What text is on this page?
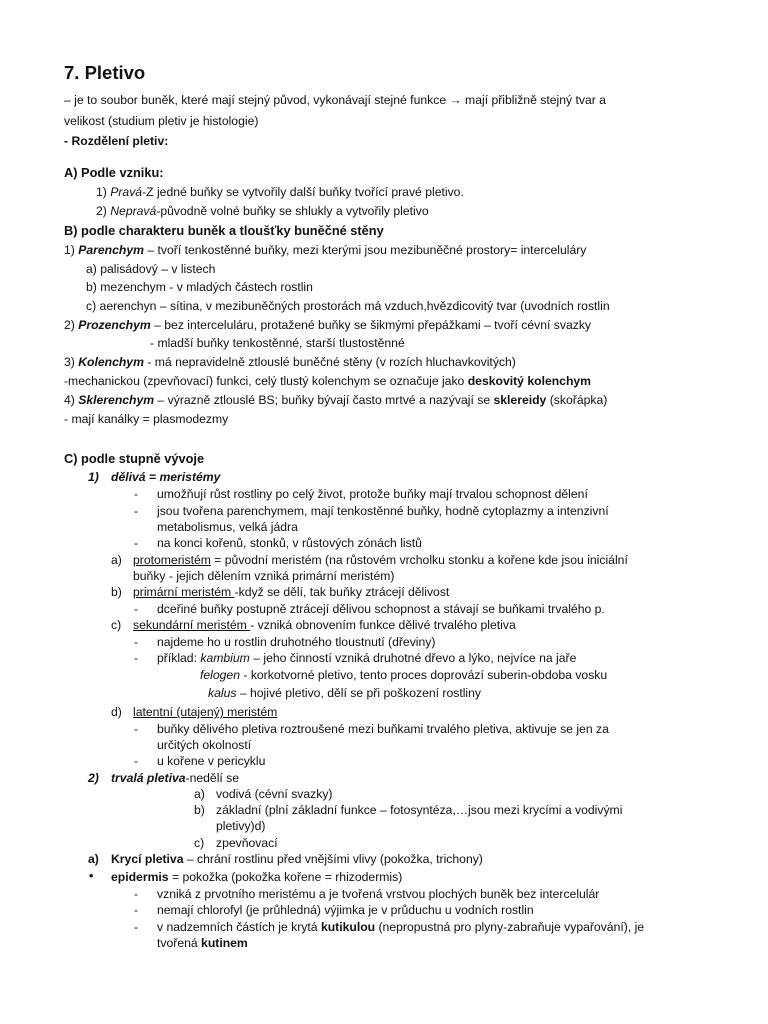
7. Pletivo
– je to soubor buněk, které mají stejný původ, vykonávají stejné funkce → mají přibližně stejný tvar a
velikost (studium pletiv je histologie)
- Rozdělení pletiv:
A) Podle vzniku:
1) Pravá-Z jedné buňky se vytvořily další buňky tvořící pravé pletivo.
2) Nepravá-původně volné buňky se shlukly a vytvořily pletivo
B) podle charakteru buněk a tloušťky buněčné stěny
1) Parenchym – tvoří tenkostěnné buňky, mezi kterými jsou mezibuněčné prostory= interceluláry
a) palisádový – v listech
b) mezenchym - v mladých částech rostlin
c) aerenchyn – sítina, v mezibuněčných prostorách má vzduch,hvězdicovitý tvar (uvodních rostlin
2) Prozenchym – bez interceluláru, protažené buňky se šikmými přepážkami – tvoří cévní svazky
- mladší buňky tenkostěnné, starší tlustostěnné
3) Kolenchym - má nepravidelně ztlouslé buněčné stěny (v rozích hluchavkovitých)
-mechanickou (zpevňovací) funkci, celý tlustý kolenchym se označuje jako deskovitý kolenchym
4) Sklerenchym – výrazně ztlouslé BS; buňky bývají často mrtvé a nazývají se sklereidy (skořápka)
- mají kanálky = plasmodezmy
C) podle stupně vývoje
1) dělivá = meristémy
- umožňují růst rostliny po celý život, protože buňky mají trvalou schopnost dělení
- jsou tvořena parenchymem, mají tenkostěnné buňky, hodně cytoplazmy a intenzivní
metabolismus, velká jádra
- na konci kořenů, stonků, v růstových zónách listů
a) protomeristém = původní meristém (na růstovém vrcholku stonku a kořene kde jsou iniciální
buňky - jejich dělením vzniká primární meristém)
b) primární meristém -když se dělí, tak buňky ztrácejí dělivost
- dceřiné buňky postupně ztrácejí dělivou schopnost a stávají se buňkami trvalého p.
c) sekundární meristém - vzniká obnovením funkce dělivé trvalého pletiva
- najdeme ho u rostlin druhotného tloustnutí (dřeviny)
- příklad: kambium – jeho činností vzniká druhotné dřevo a lýko, nejvíce na jaře
felogen - korkotvorné pletivo, tento proces doprovází suberin-obdoba vosku
kalus – hojivé pletivo, dělí se při poškození rostliny
d) latentní (utajený) meristém
- buňky dělivého pletiva roztroušené mezi buňkami trvalého pletiva, aktivuje se jen za
určitých okolností
- u kořene v pericyklu
2) trvalá pletiva-nedělí se
a) vodivá (cévní svazky)
b) základní (plní základní funkce – fotosyntéza,…jsou mezi krycími a vodivými
pletivy)d)
c) zpevňovací
a) Krycí pletiva – chrání rostlinu před vnějšími vlivy (pokožka, trichony)
• epidermis = pokožka (pokožka kořene = rhizodermis)
- vzniká z prvotního meristému a je tvořená vrstvou plochých buněk bez intercelulár
- nemají chlorofyl (je průhledná) výjimka je v průduchu u vodních rostlin
- v nadzemních částích je krytá kutikulou (nepropustná pro plyny-zabraňuje vypařování), je
tvořená kutinem
